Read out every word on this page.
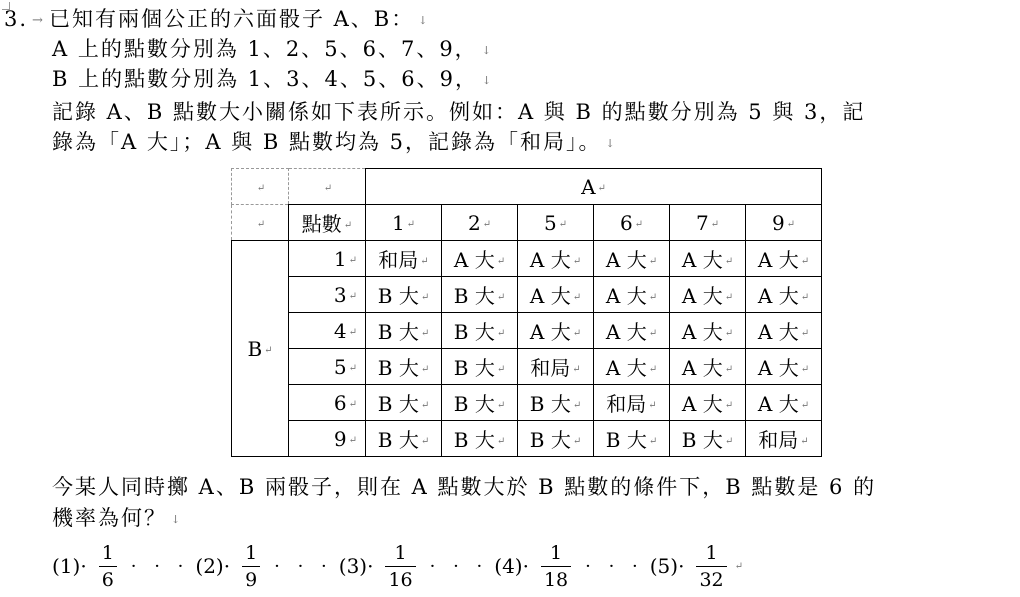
3. → 已知有兩個公正的六面骰子 A、B： ↓
A 上的點數分別為 1、2、5、6、7、9， ↓
B 上的點數分別為 1、3、4、5、6、9， ↓
記錄 A、B 點數大小關係如下表所示。例如：A 與 B 的點數分別為 5 與 3，記
錄為「A 大」；A 與 B 點數均為 5，記錄為「和局」。 ↓
↵	↵	A ↵					
↵	點數 ↵	1 ↵	2 ↵	5 ↵	6 ↵	7 ↵	9 ↵
B ↵	1 ↵	和局 ↵	A 大 ↵	A 大 ↵	A 大 ↵	A 大 ↵	A 大 ↵
	3 ↵	B 大 ↵	B 大 ↵	A 大 ↵	A 大 ↵	A 大 ↵	A 大 ↵
	4 ↵	B 大 ↵	B 大 ↵	A 大 ↵	A 大 ↵	A 大 ↵	A 大 ↵
	5 ↵	B 大 ↵	B 大 ↵	和局 ↵	A 大 ↵	A 大 ↵	A 大 ↵
	6 ↵	B 大 ↵	B 大 ↵	B 大 ↵	和局 ↵	A 大 ↵	A 大 ↵
	9 ↵	B 大 ↵	B 大 ↵	B 大 ↵	B 大 ↵	B 大 ↵	和局 ↵
今某人同時擲 A、B 兩骰子，則在 A 點數大於 B 點數的條件下，B 點數是 6 的
機率為何？ ↓
$(1)\cdot \frac{1}{6}$ · · · $(2)\cdot \frac{1}{9}$ · · · $(3)\cdot \frac{1}{16}$ · · · $(4)\cdot \frac{1}{18}$ · · · $(5)\cdot \frac{1}{32}$ ↵
